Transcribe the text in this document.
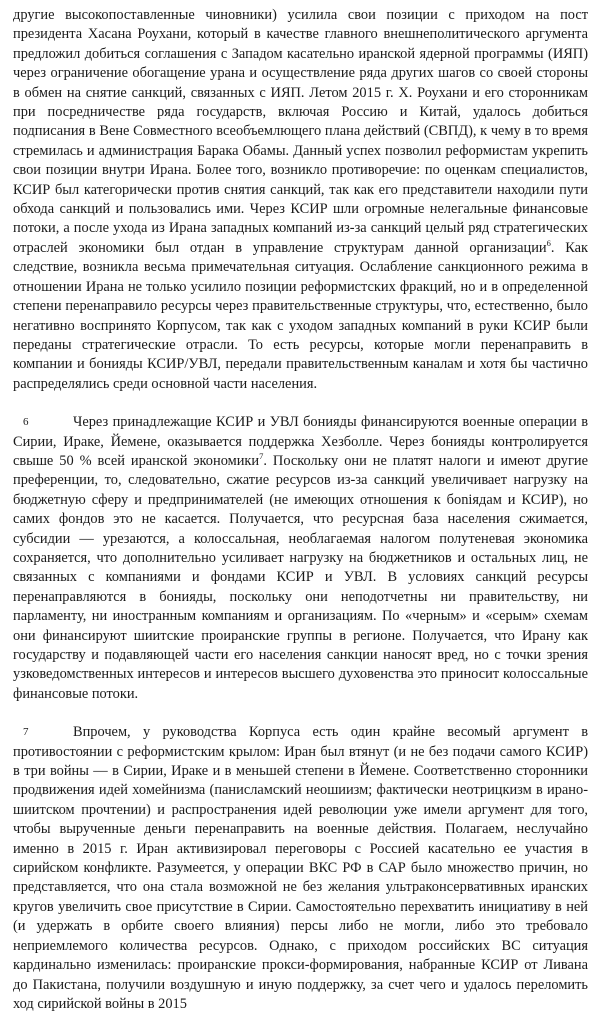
другие высокопоставленные чиновники) усилила свои позиции с приходом на пост президента Хасана Роухани, который в качестве главного внешнеполитического аргумента предложил добиться соглашения с Западом касательно иранской ядерной программы (ИЯП) через ограничение обогащение урана и осуществление ряда других шагов со своей стороны в обмен на снятие санкций, связанных с ИЯП. Летом 2015 г. Х. Роухани и его сторонникам при посредничестве ряда государств, включая Россию и Китай, удалось добиться подписания в Вене Совместного всеобъемлющего плана действий (СВПД), к чему в то время стремилась и администрация Барака Обамы. Данный успех позволил реформистам укрепить свои позиции внутри Ирана. Более того, возникло противоречие: по оценкам специалистов, КСИР был категорически против снятия санкций, так как его представители находили пути обхода санкций и пользовались ими. Через КСИР шли огромные нелегальные финансовые потоки, а после ухода из Ирана западных компаний из-за санкций целый ряд стратегических отраслей экономики был отдан в управление структурам данной организации$^6$. Как следствие, возникла весьма примечательная ситуация. Ослабление санкционного режима в отношении Ирана не только усилило позиции реформистских фракций, но и в определенной степени перенаправило ресурсы через правительственные структуры, что, естественно, было негативно воспринято Корпусом, так как с уходом западных компаний в руки КСИР были переданы стратегические отрасли. То есть ресурсы, которые могли перенаправить в компании и бонияды КСИР/УВЛ, передали правительственным каналам и хотя бы частично распределялись среди основной части населения.

6	Через принадлежащие КСИР и УВЛ бонияды финансируются военные операции в Сирии, Ираке, Йемене, оказывается поддержка Хезболле. Через бонияды контролируется свыше 50 % всей иранской экономики$^7$. Поскольку они не платят налоги и имеют другие преференции, то, следовательно, сжатие ресурсов из-за санкций увеличивает нагрузку на бюджетную сферу и предпринимателей (не имеющих отношения к боniядам и КСИР), но самих фондов это не касается. Получается, что ресурсная база населения сжимается, субсидии — урезаются, а колоссальная, необлагаемая налогом полутеневая экономика сохраняется, что дополнительно усиливает нагрузку на бюджетников и остальных лиц, не связанных с компаниями и фондами КСИР и УВЛ. В условиях санкций ресурсы перенаправляются в бонияды, поскольку они неподотчетны ни правительству, ни парламенту, ни иностранным компаниям и организациям. По «черным» и «серым» схемам они финансируют шиитские проиранские группы в регионе. Получается, что Ирану как государству и подавляющей части его населения санкции наносят вред, но с точки зрения узковедомственных интересов и интересов высшего духовенства это приносит колоссальные финансовые потоки.

7	Впрочем, у руководства Корпуса есть один крайне весомый аргумент в противостоянии с реформистским крылом: Иран был втянут (и не без подачи самого КСИР) в три войны — в Сирии, Ираке и в меньшей степени в Йемене. Соответственно сторонники продвижения идей хомейнизма (панисламский неошиизм; фактически неотрицкизм в ирано-шиитском прочтении) и распространения идей революции уже имели аргумент для того, чтобы вырученные деньги перенаправить на военные действия. Полагаем, неслучайно именно в 2015 г. Иран активизировал переговоры с Россией касательно ее участия в сирийском конфликте. Разумеется, у операции ВКС РФ в САР было множество причин, но представляется, что она стала возможной не без желания ультраконсервативных иранских кругов увеличить свое присутствие в Сирии. Самостоятельно перехватить инициативу в ней (и удержать в орбите своего влияния) персы либо не могли, либо это требовало неприемлемого количества ресурсов. Однако, с приходом российских ВС ситуация кардинально изменилась: проиранские прокси-формирования, набранные КСИР от Ливана до Пакистана, получили воздушную и иную поддержку, за счет чего и удалось переломить ход сирийской войны в 2015
